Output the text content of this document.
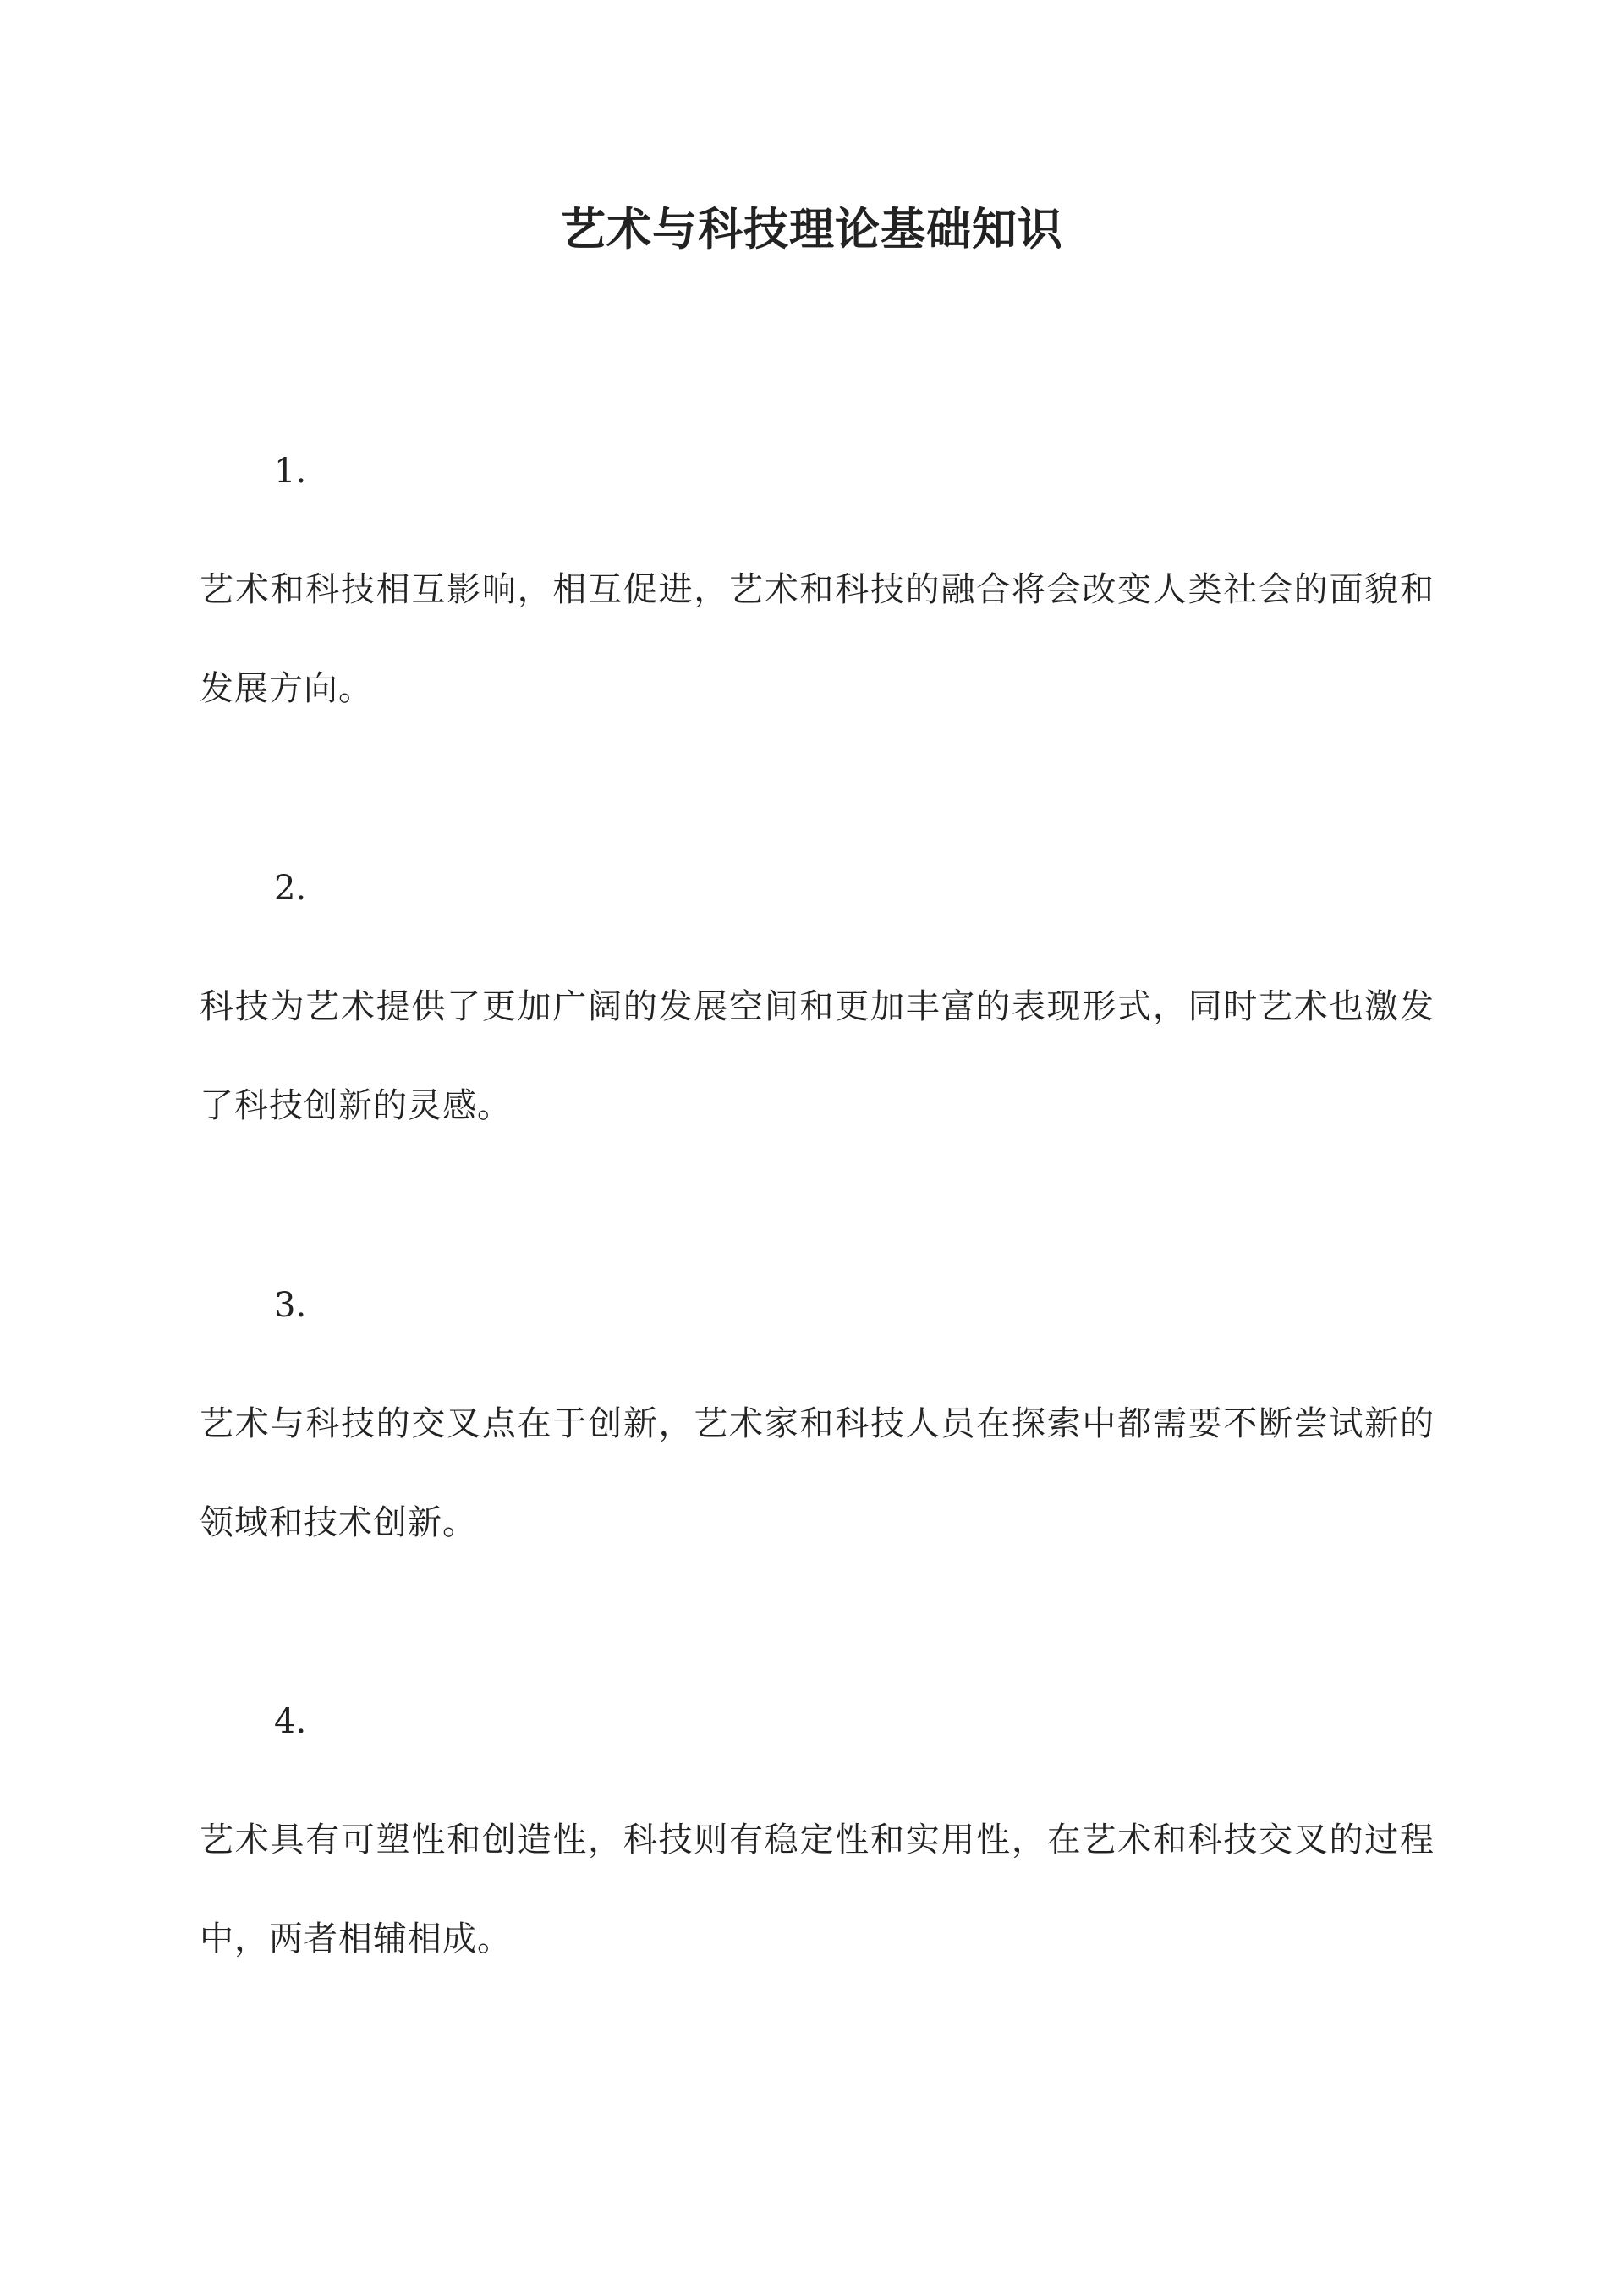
艺术与科技理论基础知识
1.
艺术和科技相互影响，相互促进，艺术和科技的融合将会改变人类社会的面貌和发展方向。
2.
科技为艺术提供了更加广阔的发展空间和更加丰富的表现形式，同时艺术也激发了科技创新的灵感。
3.
艺术与科技的交叉点在于创新，艺术家和科技人员在探索中都需要不断尝试新的领域和技术创新。
4.
艺术具有可塑性和创造性，科技则有稳定性和实用性，在艺术和科技交叉的过程中，两者相辅相成。
